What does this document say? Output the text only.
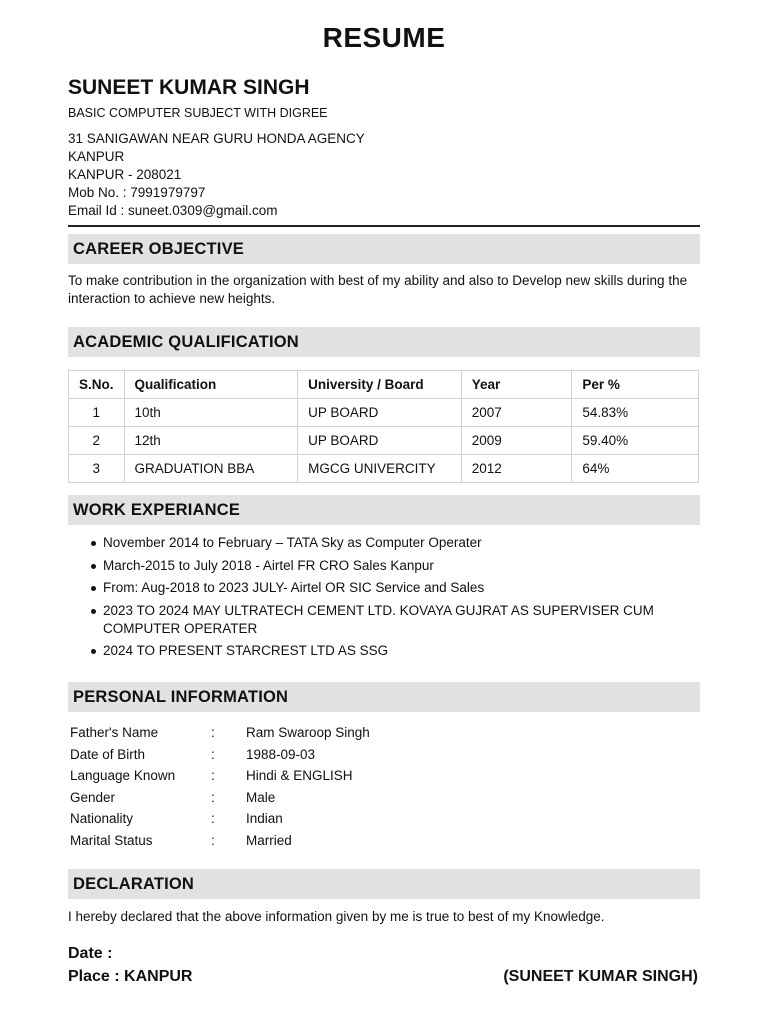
RESUME
SUNEET KUMAR SINGH
BASIC COMPUTER SUBJECT WITH DIGREE
31 SANIGAWAN NEAR GURU HONDA AGENCY
KANPUR
KANPUR - 208021
Mob No. : 7991979797
Email Id : suneet.0309@gmail.com
CAREER OBJECTIVE
To make contribution in the organization with best of my ability and also to Develop new skills during the interaction to achieve new heights.
ACADEMIC QUALIFICATION
S.No.	Qualification	University / Board	Year	Per %
1	10th	UP BOARD	2007	54.83%
2	12th	UP BOARD	2009	59.40%
3	GRADUATION BBA	MGCG UNIVERCITY	2012	64%
WORK EXPERIANCE
November 2014 to February – TATA Sky as Computer Operater
March-2015 to July 2018 - Airtel FR CRO Sales Kanpur
From: Aug-2018 to 2023 JULY- Airtel OR SIC Service and Sales
2023 TO 2024 MAY ULTRATECH CEMENT LTD. KOVAYA GUJRAT AS SUPERVISER CUM COMPUTER OPERATER
2024 TO PRESENT STARCREST LTD AS SSG
PERSONAL INFORMATION
Father's Name	:	Ram Swaroop Singh
Date of Birth	:	1988-09-03
Language Known	:	Hindi & ENGLISH
Gender	:	Male
Nationality	:	Indian
Marital Status	:	Married
DECLARATION
I hereby declared that the above information given by me is true to best of my Knowledge.
Date :
Place : KANPUR	(SUNEET KUMAR SINGH)
